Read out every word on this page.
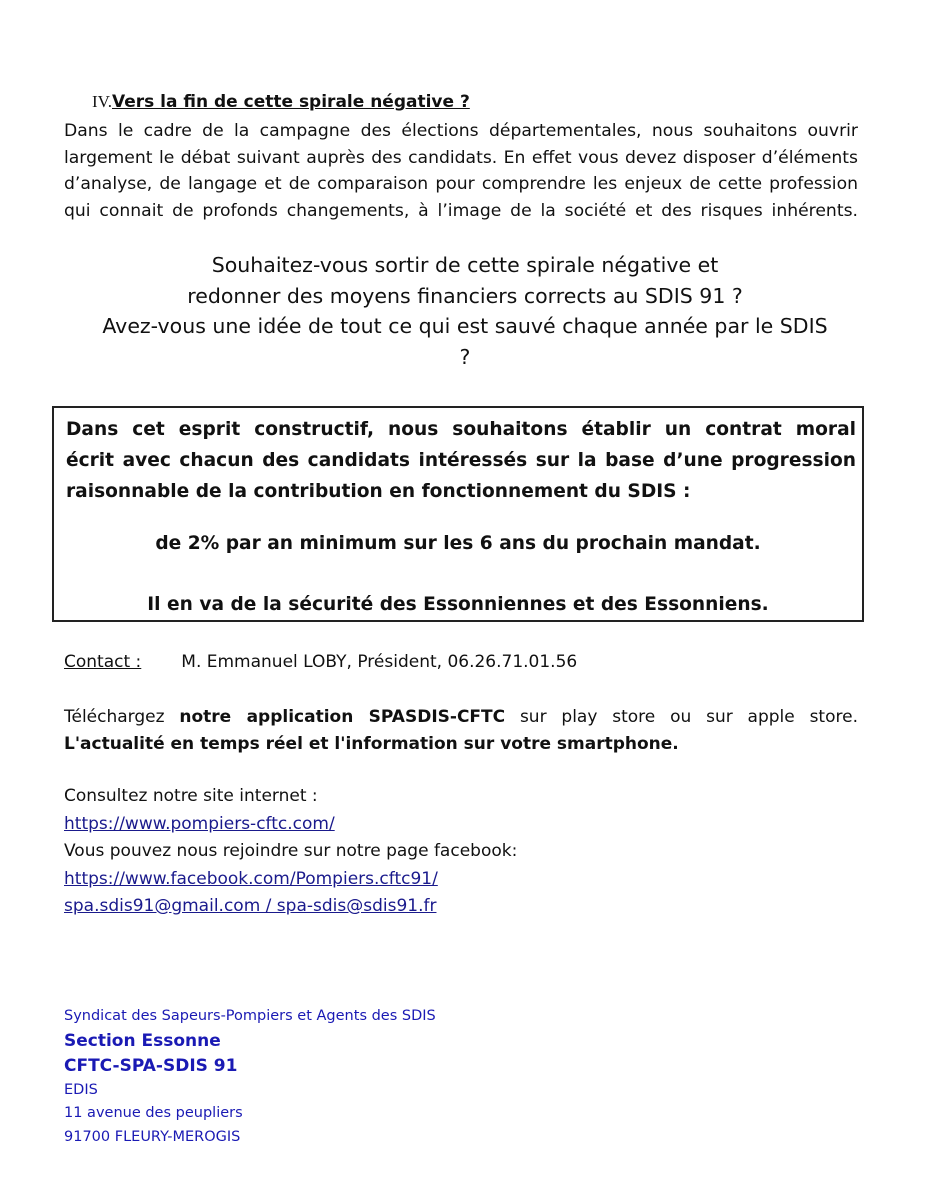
IV.Vers la fin de cette spirale négative ?
Dans le cadre de la campagne des élections départementales, nous souhaitons ouvrir
largement le débat suivant auprès des candidats. En effet vous devez disposer d’éléments
d’analyse, de langage et de comparaison pour comprendre les enjeux de cette profession
qui connait de profonds changements, à l’image de la société et des risques inhérents.
Souhaitez-vous sortir de cette spirale négative et
redonner des moyens financiers corrects au SDIS 91 ?
Avez-vous une idée de tout ce qui est sauvé chaque année par le SDIS
?
Dans cet esprit constructif, nous souhaitons établir un contrat moral
écrit avec chacun des candidats intéressés sur la base d’une progression
raisonnable de la contribution en fonctionnement du SDIS :
de 2% par an minimum sur les 6 ans du prochain mandat.
Il en va de la sécurité des Essonniennes et des Essonniens.
Contact : M. Emmanuel LOBY, Président, 06.26.71.01.56
Téléchargez notre application SPASDIS-CFTC sur play store ou sur apple store.
L'actualité en temps réel et l'information sur votre smartphone.
Consultez notre site internet :
https://www.pompiers-cftc.com/
Vous pouvez nous rejoindre sur notre page facebook:
https://www.facebook.com/Pompiers.cftc91/
spa.sdis91@gmail.com / spa-sdis@sdis91.fr
Syndicat des Sapeurs-Pompiers et Agents des SDIS
Section Essonne
CFTC-SPA-SDIS 91
EDIS
11 avenue des peupliers
91700 FLEURY-MEROGIS
